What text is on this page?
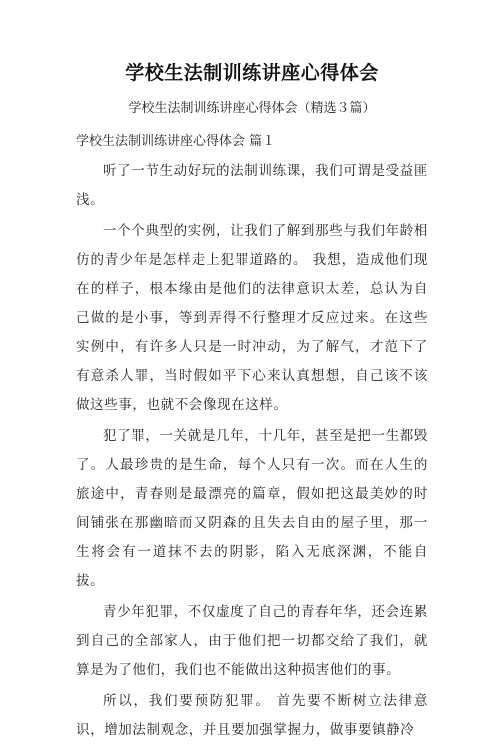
学校生法制训练讲座心得体会
学校生法制训练讲座心得体会（精选３篇）
学校生法制训练讲座心得体会 篇１

听了一节生动好玩的法制训练课，我们可谓是受益匪浅。

一个个典型的实例，让我们了解到那些与我们年龄相仿的青少年是怎样走上犯罪道路的。 我想，造成他们现在的样子，根本缘由是他们的法律意识太差，总认为自己做的是小事，等到弄得不行整理才反应过来。在这些实例中，有许多人只是一时冲动，为了解气，才范下了有意杀人罪，当时假如平下心来认真想想，自己该不该做这些事，也就不会像现在这样。

犯了罪，一关就是几年，十几年，甚至是把一生都毁了。人最珍贵的是生命，每个人只有一次。而在人生的旅途中，青春则是最漂亮的篇章，假如把这最美妙的时间铺张在那幽暗而又阴森的且失去自由的屋子里，那一生将会有一道抹不去的阴影，陷入无底深渊，不能自拔。

青少年犯罪，不仅虚度了自己的青春年华，还会连累到自己的全部家人，由于他们把一切都交给了我们，就算是为了他们，我们也不能做出这种损害他们的事。

所以，我们要预防犯罪。 首先要不断树立法律意识，增加法制观念，并且要加强掌握力，做事要镇静冷
